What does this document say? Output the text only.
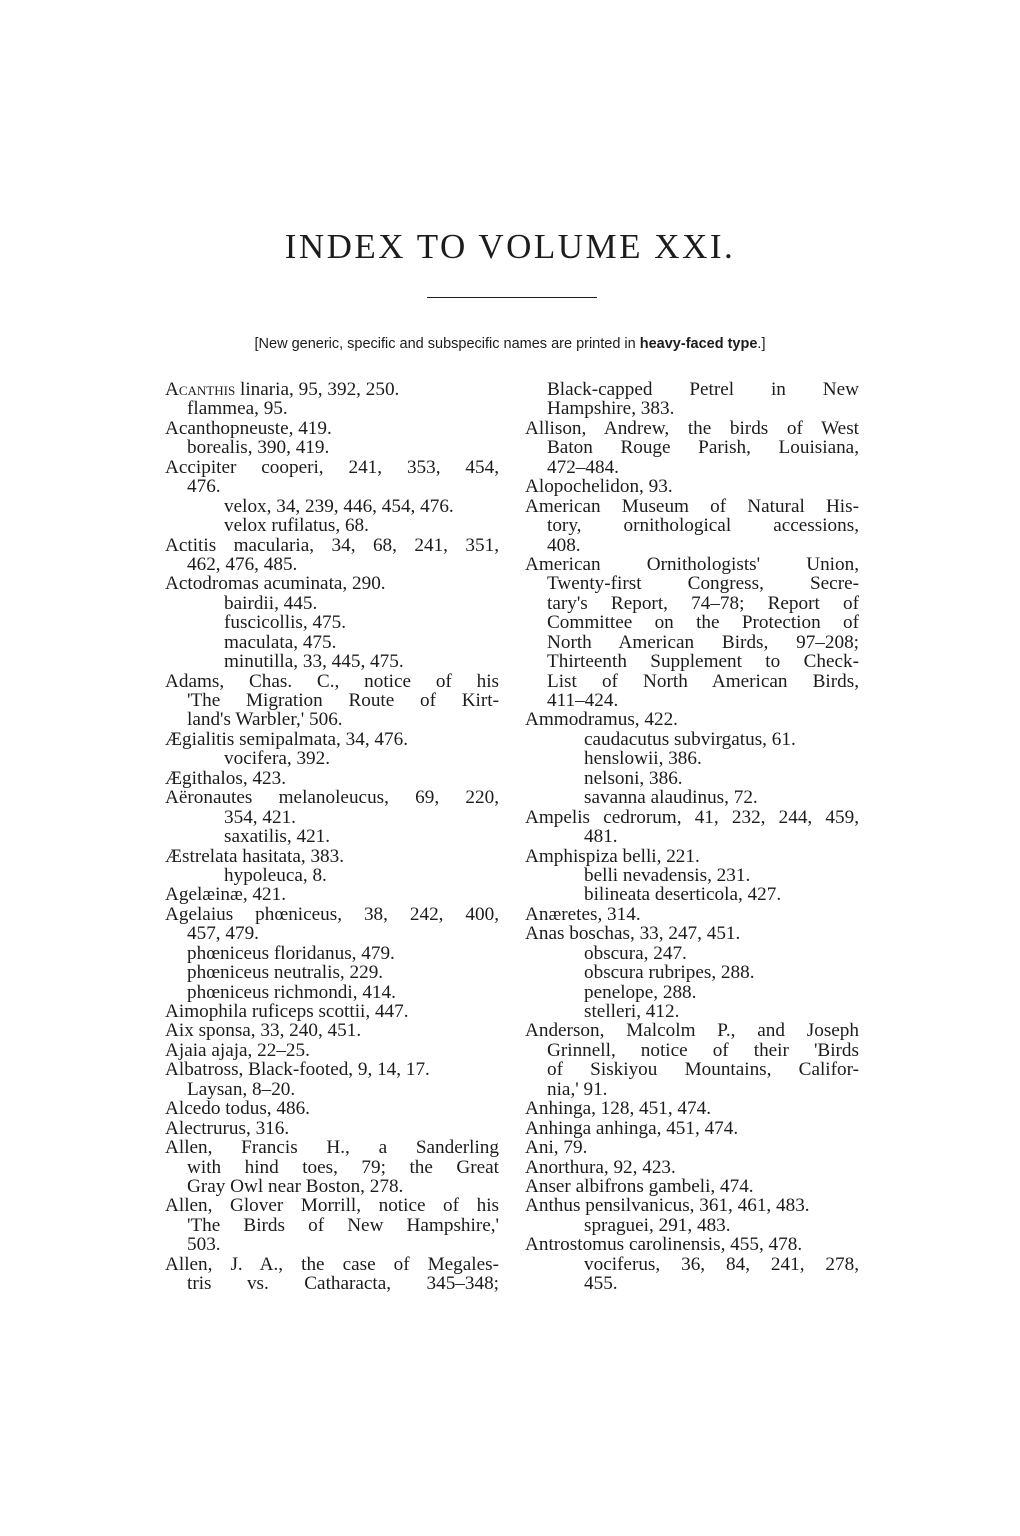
INDEX TO VOLUME XXI.
[New generic, specific and subspecific names are printed in heavy-faced type.]
Acanthis linaria, 95, 392, 250.
flammea, 95.
Acanthopneuste, 419.
borealis, 390, 419.
Accipiter cooperi, 241, 353, 454,
476.
velox, 34, 239, 446, 454, 476.
velox rufilatus, 68.
Actitis macularia, 34, 68, 241, 351,
462, 476, 485.
Actodromas acuminata, 290.
bairdii, 445.
fuscicollis, 475.
maculata, 475.
minutilla, 33, 445, 475.
Adams, Chas. C., notice of his
'The Migration Route of Kirt-
land's Warbler,' 506.
Ægialitis semipalmata, 34, 476.
vocifera, 392.
Ægithalos, 423.
Aëronautes melanoleucus, 69, 220,
354, 421.
saxatilis, 421.
Æstrelata hasitata, 383.
hypoleuca, 8.
Agelæinæ, 421.
Agelaius phœniceus, 38, 242, 400,
457, 479.
phœniceus floridanus, 479.
phœniceus neutralis, 229.
phœniceus richmondi, 414.
Aimophila ruficeps scottii, 447.
Aix sponsa, 33, 240, 451.
Ajaia ajaja, 22–25.
Albatross, Black-footed, 9, 14, 17.
Laysan, 8–20.
Alcedo todus, 486.
Alectrurus, 316.
Allen, Francis H., a Sanderling
with hind toes, 79; the Great
Gray Owl near Boston, 278.
Allen, Glover Morrill, notice of his
'The Birds of New Hampshire,'
503.
Allen, J. A., the case of Megales-
tris vs. Catharacta, 345–348;
Black-capped Petrel in New
Hampshire, 383.
Allison, Andrew, the birds of West
Baton Rouge Parish, Louisiana,
472–484.
Alopochelidon, 93.
American Museum of Natural His-
tory, ornithological accessions,
408.
American Ornithologists' Union,
Twenty-first Congress, Secre-
tary's Report, 74–78; Report of
Committee on the Protection of
North American Birds, 97–208;
Thirteenth Supplement to Check-
List of North American Birds,
411–424.
Ammodramus, 422.
caudacutus subvirgatus, 61.
henslowii, 386.
nelsoni, 386.
savanna alaudinus, 72.
Ampelis cedrorum, 41, 232, 244, 459,
481.
Amphispiza belli, 221.
belli nevadensis, 231.
bilineata deserticola, 427.
Anæretes, 314.
Anas boschas, 33, 247, 451.
obscura, 247.
obscura rubripes, 288.
penelope, 288.
stelleri, 412.
Anderson, Malcolm P., and Joseph
Grinnell, notice of their 'Birds
of Siskiyou Mountains, Califor-
nia,' 91.
Anhinga, 128, 451, 474.
Anhinga anhinga, 451, 474.
Ani, 79.
Anorthura, 92, 423.
Anser albifrons gambeli, 474.
Anthus pensilvanicus, 361, 461, 483.
spraguei, 291, 483.
Antrostomus carolinensis, 455, 478.
vociferus, 36, 84, 241, 278,
455.
